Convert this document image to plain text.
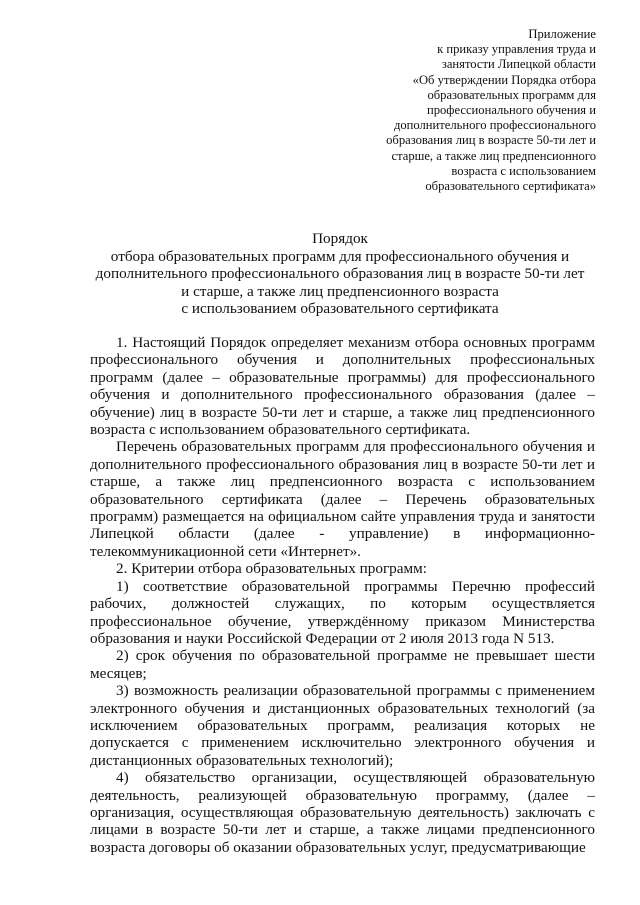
Приложение
к приказу управления труда и
занятости Липецкой области
«Об утверждении Порядка отбора
образовательных программ для
профессионального обучения и
дополнительного профессионального
образования лиц в возрасте 50-ти лет и
старше, а также лиц предпенсионного
возраста с использованием
образовательного сертификата»
Порядок
отбора образовательных программ для профессионального обучения и
дополнительного профессионального образования лиц в возрасте 50-ти лет
и старше, а также лиц предпенсионного возраста
с использованием образовательного сертификата

1. Настоящий Порядок определяет механизм отбора основных программ профессионального обучения и дополнительных профессиональных программ (далее – образовательные программы) для профессионального обучения и дополнительного профессионального образования (далее – обучение) лиц в возрасте 50-ти лет и старше, а также лиц предпенсионного возраста с использованием образовательного сертификата.

Перечень образовательных программ для профессионального обучения и дополнительного профессионального образования лиц в возрасте 50-ти лет и старше, а также лиц предпенсионного возраста с использованием образовательного сертификата (далее – Перечень образовательных программ) размещается на официальном сайте управления труда и занятости Липецкой области (далее - управление) в информационно-телекоммуникационной сети «Интернет».

2. Критерии отбора образовательных программ:

1) соответствие образовательной программы Перечню профессий рабочих, должностей служащих, по которым осуществляется профессиональное обучение, утверждённому приказом Министерства образования и науки Российской Федерации от 2 июля 2013 года N 513.

2) срок обучения по образовательной программе не превышает шести месяцев;

3) возможность реализации образовательной программы с применением электронного обучения и дистанционных образовательных технологий (за исключением образовательных программ, реализация которых не допускается с применением исключительно электронного обучения и дистанционных образовательных технологий);

4) обязательство организации, осуществляющей образовательную деятельность, реализующей образовательную программу, (далее – организация, осуществляющая образовательную деятельность) заключать с лицами в возрасте 50-ти лет и старше, а также лицами предпенсионного возраста договоры об оказании образовательных услуг, предусматривающие
